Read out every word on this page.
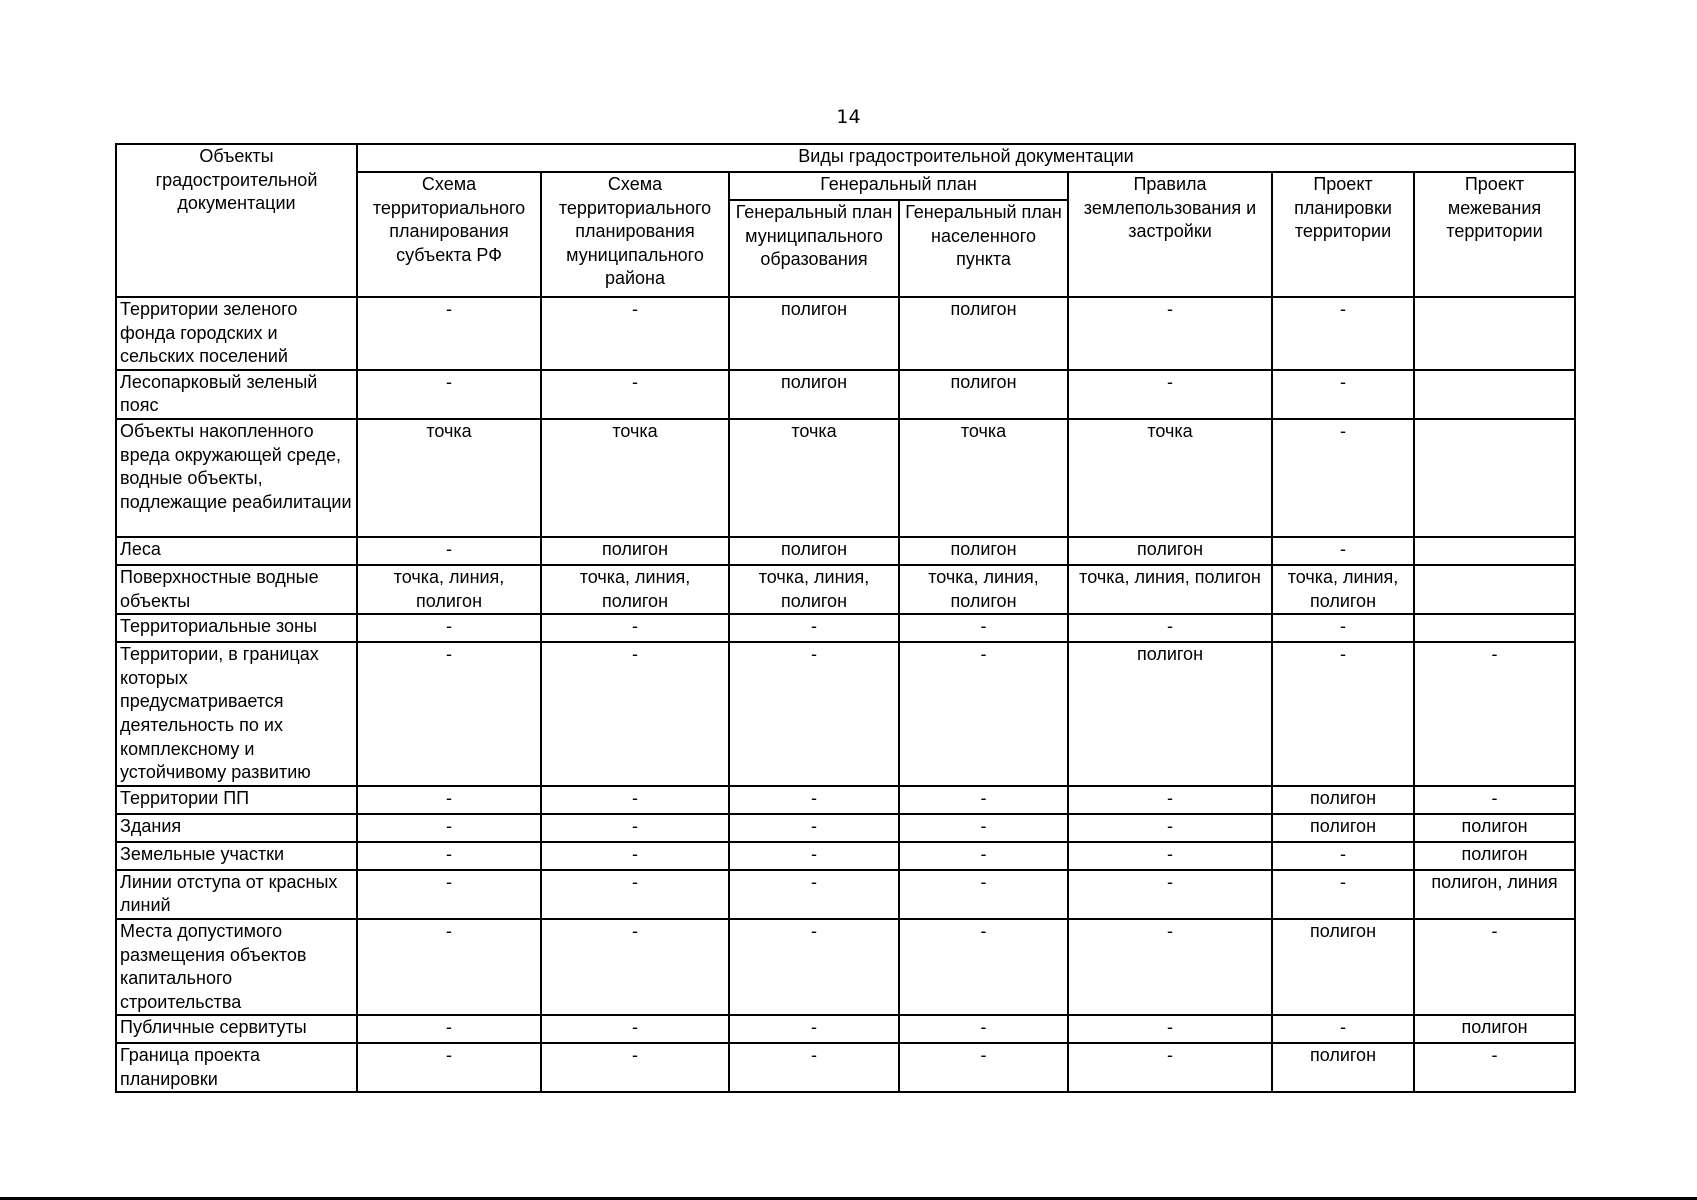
14
Объекты градостроительной документации	Виды градостроительной документации						
	Схема территориального планирования субъекта РФ	Схема территориального планирования муниципального района	Генеральный план		Правила землепользования и застройки	Проект планировки территории	Проект межевания территории
			Генеральный план муниципального образования	Генеральный план населенного пункта			
Территории зеленого фонда городских и сельских поселений	-	-	полигон	полигон	-	-	
Лесопарковый зеленый пояс	-	-	полигон	полигон	-	-	
Объекты накопленного вреда окружающей среде, водные объекты, подлежащие реабилитации	точка	точка	точка	точка	точка	-	
Леса	-	полигон	полигон	полигон	полигон	-	
Поверхностные водные объекты	точка, линия, полигон	точка, линия, полигон	точка, линия, полигон	точка, линия, полигон	точка, линия, полигон	точка, линия, полигон	
Территориальные зоны	-	-	-	-	-	-	
Территории, в границах которых предусматривается деятельность по их комплексному и устойчивому развитию	-	-	-	-	полигон	-	-
Территории ПП	-	-	-	-	-	полигон	-
Здания	-	-	-	-	-	полигон	полигон
Земельные участки	-	-	-	-	-	-	полигон
Линии отступа от красных линий	-	-	-	-	-	-	полигон, линия
Места допустимого размещения объектов капитального строительства	-	-	-	-	-	полигон	-
Публичные сервитуты	-	-	-	-	-	-	полигон
Граница проекта планировки	-	-	-	-	-	полигон	-
